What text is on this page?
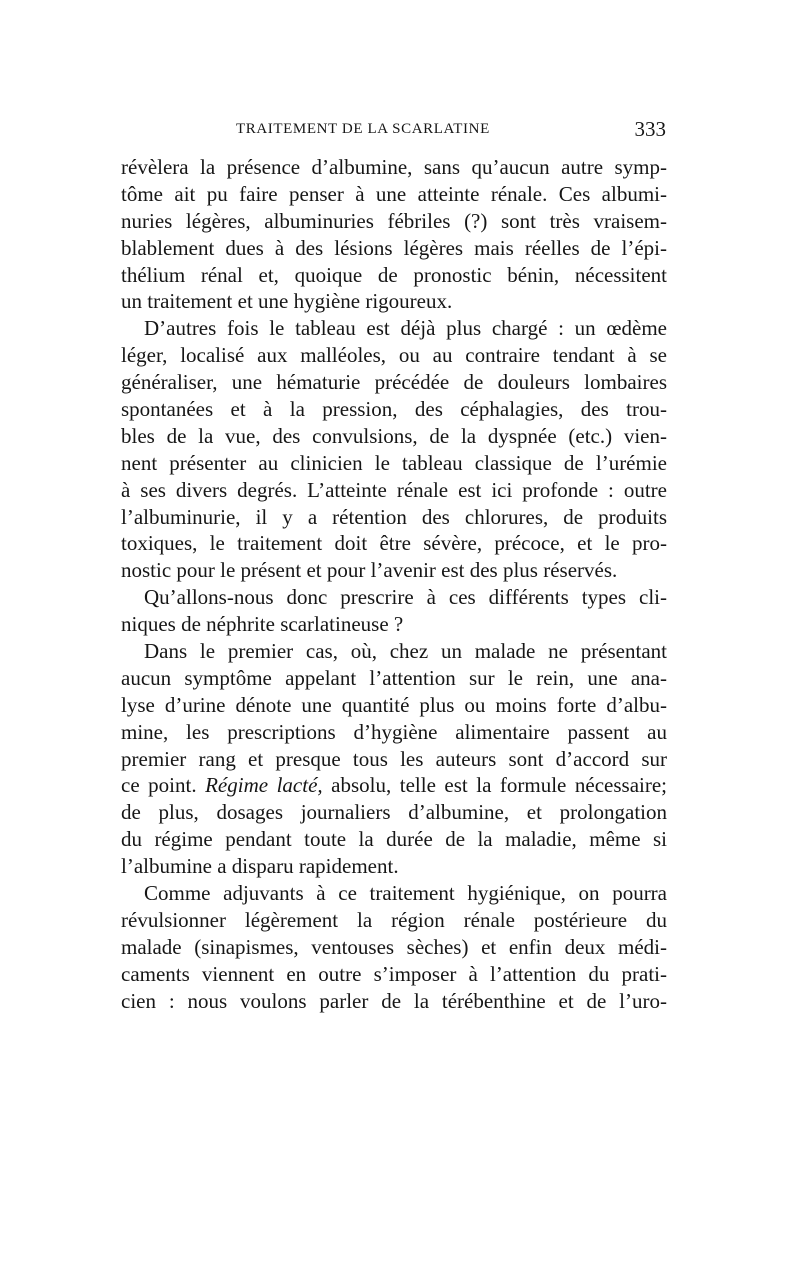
TRAITEMENT DE LA SCARLATINE	333
révèlera la présence d’albumine, sans qu’aucun autre symp-
tôme ait pu faire penser à une atteinte rénale. Ces albumi-
nuries légères, albuminuries fébriles (?) sont très vraisem-
blablement dues à des lésions légères mais réelles de l’épi-
thélium rénal et, quoique de pronostic bénin, nécessitent
un traitement et une hygiène rigoureux.
D’autres fois le tableau est déjà plus chargé : un œdème
léger, localisé aux malléoles, ou au contraire tendant à se
généraliser, une hématurie précédée de douleurs lombaires
spontanées et à la pression, des céphalagies, des trou-
bles de la vue, des convulsions, de la dyspnée (etc.) vien-
nent présenter au clinicien le tableau classique de l’urémie
à ses divers degrés. L’atteinte rénale est ici profonde : outre
l’albuminurie, il y a rétention des chlorures, de produits
toxiques, le traitement doit être sévère, précoce, et le pro-
nostic pour le présent et pour l’avenir est des plus réservés.
Qu’allons-nous donc prescrire à ces différents types cli-
niques de néphrite scarlatineuse ?
Dans le premier cas, où, chez un malade ne présentant
aucun symptôme appelant l’attention sur le rein, une ana-
lyse d’urine dénote une quantité plus ou moins forte d’albu-
mine, les prescriptions d’hygiène alimentaire passent au
premier rang et presque tous les auteurs sont d’accord sur
ce point. Régime lacté, absolu, telle est la formule nécessaire;
de plus, dosages journaliers d’albumine, et prolongation
du régime pendant toute la durée de la maladie, même si
l’albumine a disparu rapidement.
Comme adjuvants à ce traitement hygiénique, on pourra
révulsionner légèrement la région rénale postérieure du
malade (sinapismes, ventouses sèches) et enfin deux médi-
caments viennent en outre s’imposer à l’attention du prati-
cien : nous voulons parler de la térébenthine et de l’uro-
